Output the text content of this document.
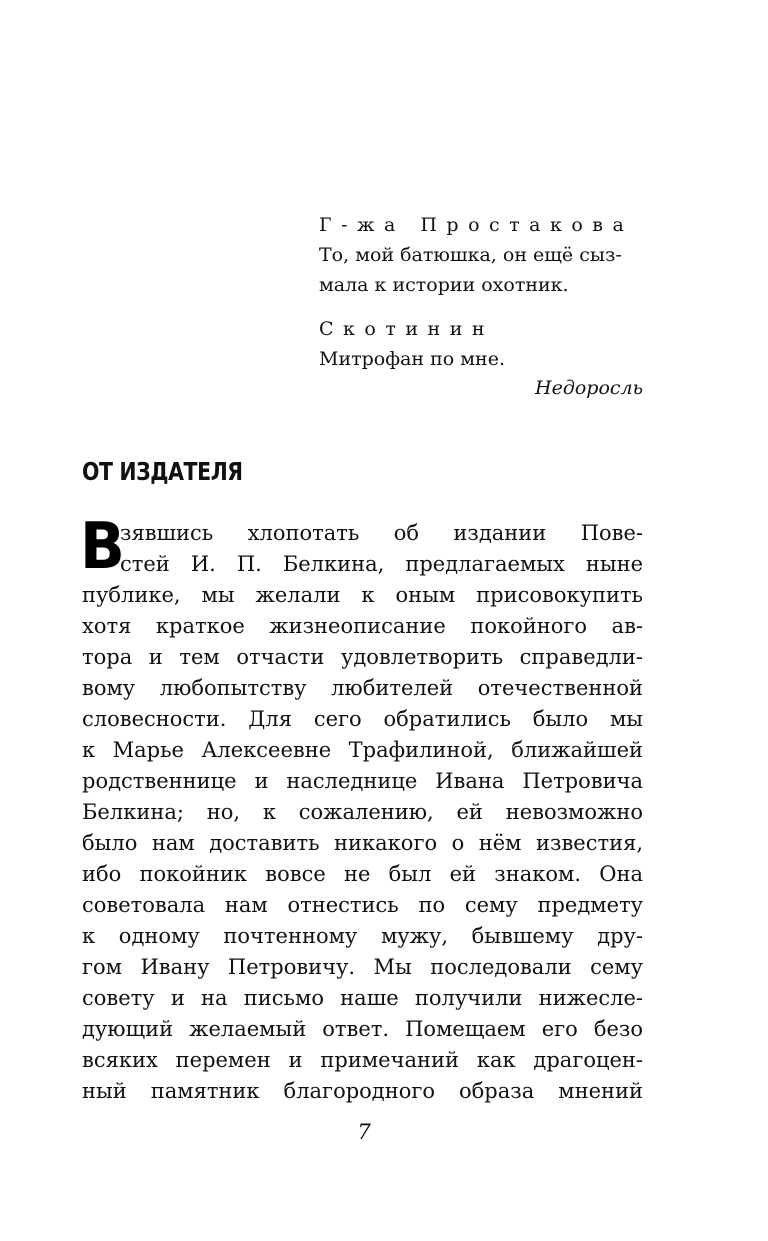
Г-жа Простакова
То, мой батюшка, он ещё сыз-
мала к истории охотник.
Скотинин
Митрофан по мне.
Недоросль
ОТ ИЗДАТЕЛЯ
В
зявшись хлопотать об издании Пове-
стей И. П. Белкина, предлагаемых ныне
публике, мы желали к оным присовокупить
хотя краткое жизнеописание покойного ав-
тора и тем отчасти удовлетворить справедли-
вому любопытству любителей отечественной
словесности. Для сего обратились было мы
к Марье Алексеевне Трафилиной, ближайшей
родственнице и наследнице Ивана Петровича
Белкина; но, к сожалению, ей невозможно
было нам доставить никакого о нём известия,
ибо покойник вовсе не был ей знаком. Она
советовала нам отнестись по сему предмету
к одному почтенному мужу, бывшему дру-
гом Ивану Петровичу. Мы последовали сему
совету и на письмо наше получили нижесле-
дующий желаемый ответ. Помещаем его безо
всяких перемен и примечаний как драгоцен-
ный памятник благородного образа мнений
7
